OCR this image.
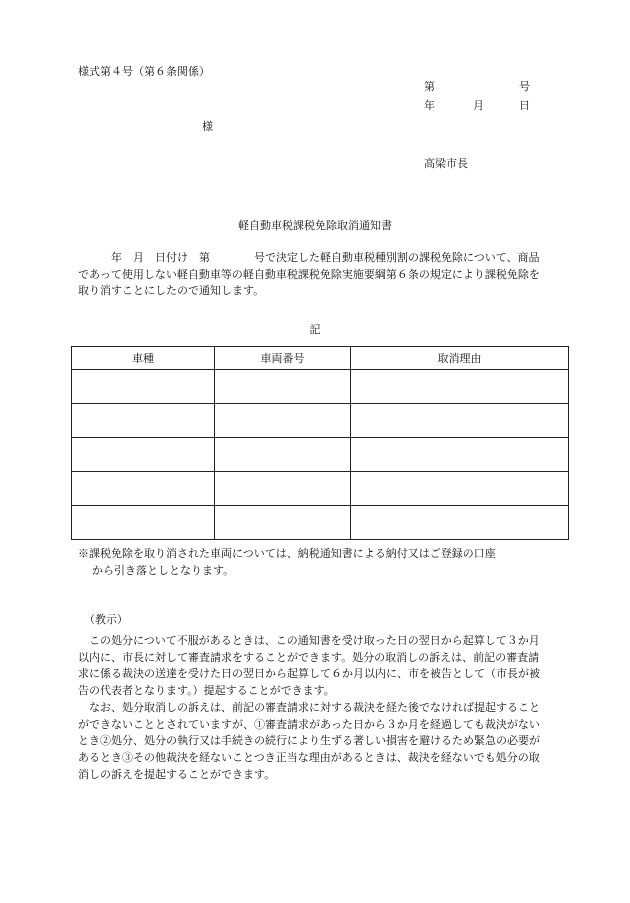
様式第４号（第６条関係）
第	号
年	月	日
様
高梁市長
軽自動車税課税免除取消通知書
　　　年　月　日付け　第　　　　号で決定した軽自動車税種別割の課税免除について、商品であって使用しない軽自動車等の軽自動車税課税免除実施要綱第６条の規定により課税免除を取り消すことにしたので通知します。
記
車種	車両番号	取消理由

※課税免除を取り消された車両については、納税通知書による納付又はご登録の口座
から引き落としとなります。
（教示）

この処分について不服があるときは、この通知書を受け取った日の翌日から起算して３か月以内に、市長に対して審査請求をすることができます。処分の取消しの訴えは、前記の審査請求に係る裁決の送達を受けた日の翌日から起算して６か月以内に、市を被告として（市長が被告の代表者となります。）提起することができます。

なお、処分取消しの訴えは、前記の審査請求に対する裁決を経た後でなければ提起することができないこととされていますが、①審査請求があった日から３か月を経過しても裁決がないとき②処分、処分の執行又は手続きの続行により生ずる著しい損害を避けるため緊急の必要があるとき③その他裁決を経ないことつき正当な理由があるときは、裁決を経ないでも処分の取消しの訴えを提起することができます。
